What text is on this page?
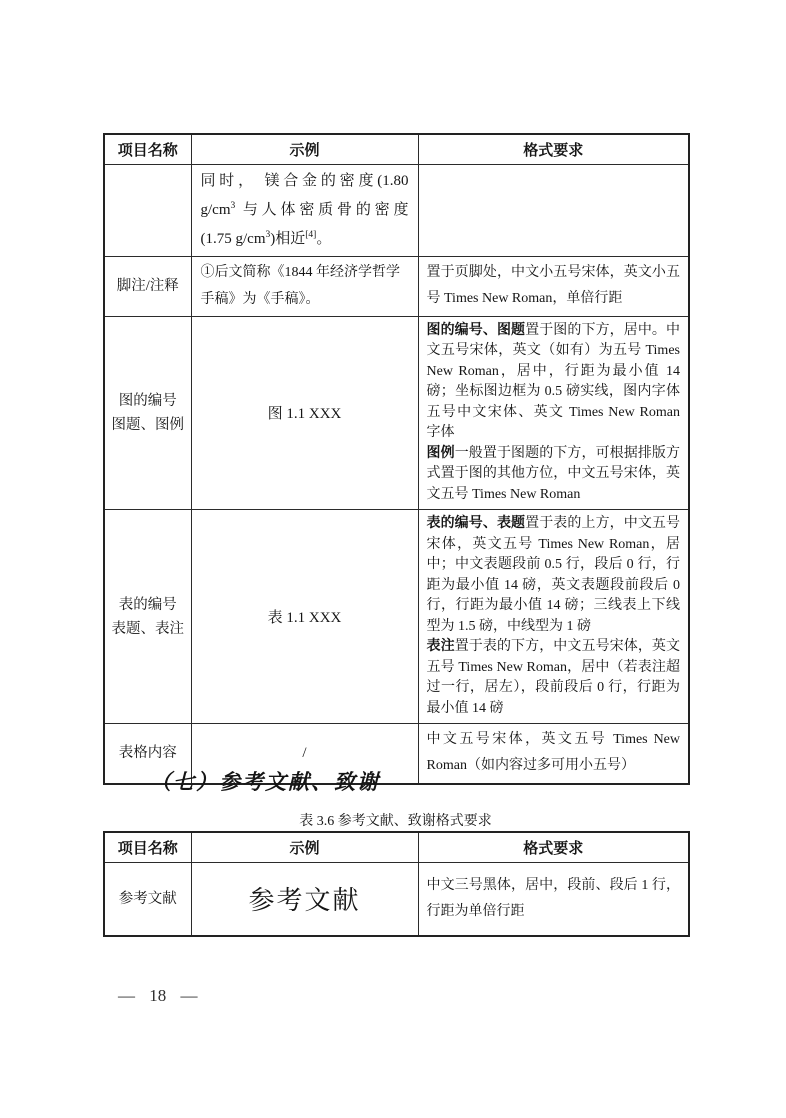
项目名称	示例	格式要求

	同时， 镁合金的密度(1.80
$g/cm^3$ 与人体密质骨的密度
(1.75 $g/cm^3$)相近[4]。	

脚注/注释	①后文简称《1844 年经济学哲学手稿》为《手稿》。	置于页脚处，中文小五号宋体，英文小五号 Times New Roman，单倍行距
图的编号
图题、图例	图 1.1 XXX	图的编号、图题置于图的下方，居中。中文五号宋体，英文（如有）为五号 Times New Roman，居中，行距为最小值 14 磅；坐标图边框为 0.5 磅实线，图内字体五号中文宋体、英文 Times New Roman 字体
图例一般置于图题的下方，可根据排版方式置于图的其他方位，中文五号宋体，英文五号 Times New Roman
表的编号
表题、表注	表 1.1 XXX	表的编号、表题置于表的上方，中文五号宋体，英文五号 Times New Roman，居中；中文表题段前 0.5 行，段后 0 行，行距为最小值 14 磅，英文表题段前段后 0 行，行距为最小值 14 磅；三线表上下线型为 1.5 磅，中线型为 1 磅
表注置于表的下方，中文五号宋体，英文五号 Times New Roman，居中（若表注超过一行，居左），段前段后 0 行，行距为最小值 14 磅
表格内容	/	中文五号宋体，英文五号 Times New Roman（如内容过多可用小五号）
（七）参考文献、致谢
表 3.6 参考文献、致谢格式要求
项目名称	示例	格式要求
参考文献	参考文献	中文三号黑体，居中，段前、段后 1 行，行距为单倍行距
— 18 —
